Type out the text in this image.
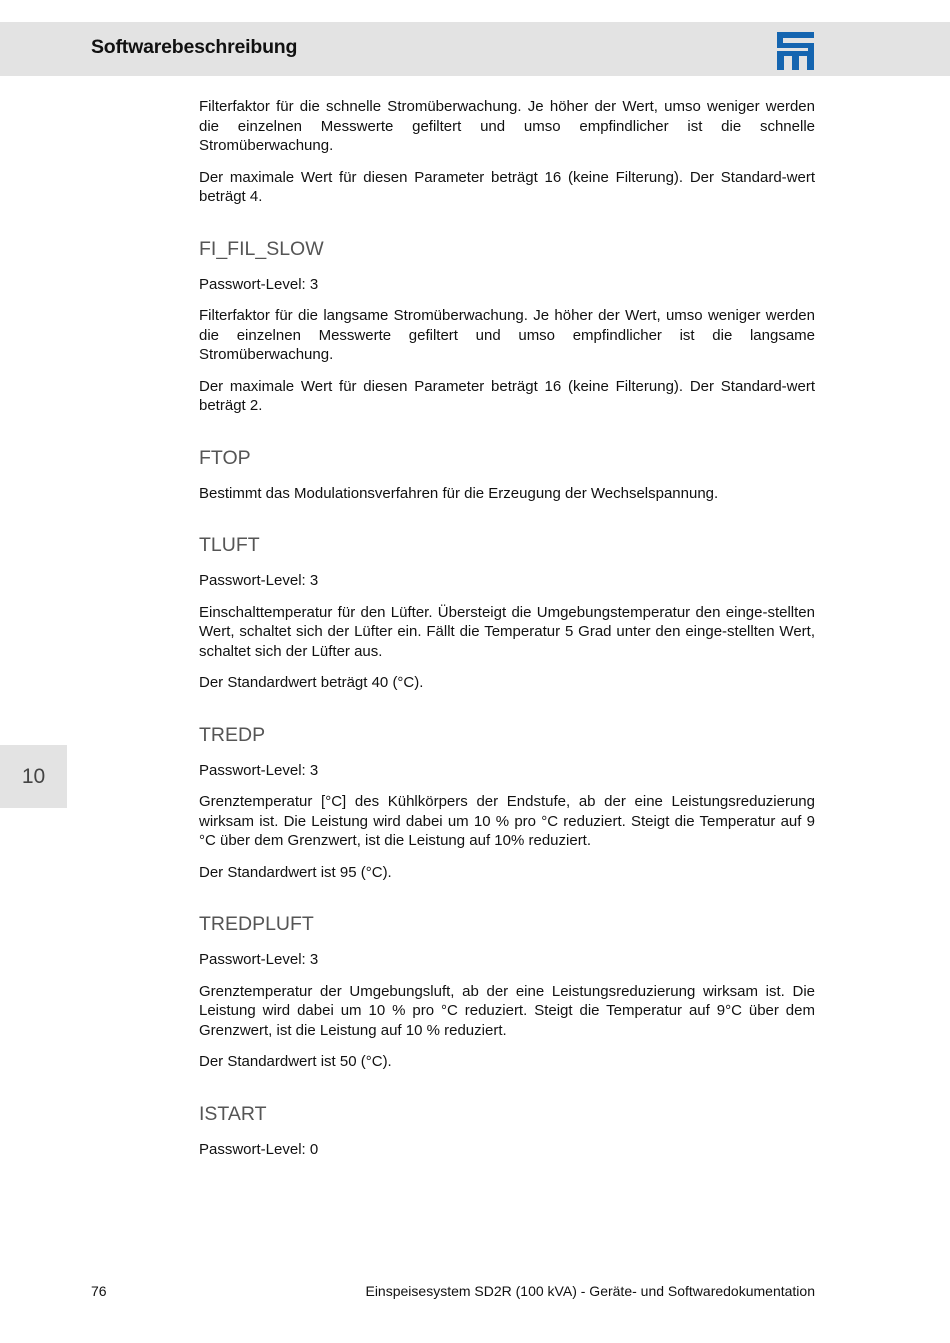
Softwarebeschreibung
10

Filterfaktor für die schnelle Stromüberwachung. Je höher der Wert, umso weniger werden die einzelnen Messwerte gefiltert und umso empfindlicher ist die schnelle Stromüberwachung.

Der maximale Wert für diesen Parameter beträgt 16 (keine Filterung). Der Standard-wert beträgt 4.

FI_FIL_SLOW

Passwort-Level: 3

Filterfaktor für die langsame Stromüberwachung. Je höher der Wert, umso weniger werden die einzelnen Messwerte gefiltert und umso empfindlicher ist die langsame Stromüberwachung.

Der maximale Wert für diesen Parameter beträgt 16 (keine Filterung). Der Standard-wert beträgt 2.

FTOP

Bestimmt das Modulationsverfahren für die Erzeugung der Wechselspannung.

TLUFT

Passwort-Level: 3

Einschalttemperatur für den Lüfter. Übersteigt die Umgebungstemperatur den einge-stellten Wert, schaltet sich der Lüfter ein. Fällt die Temperatur 5 Grad unter den einge-stellten Wert, schaltet sich der Lüfter aus.

Der Standardwert beträgt 40 (°C).

TREDP

Passwort-Level: 3

Grenztemperatur [°C] des Kühlkörpers der Endstufe, ab der eine Leistungsreduzierung wirksam ist. Die Leistung wird dabei um 10 % pro °C reduziert. Steigt die Temperatur auf 9 °C über dem Grenzwert, ist die Leistung auf 10% reduziert.

Der Standardwert ist 95 (°C).

TREDPLUFT

Passwort-Level: 3

Grenztemperatur der Umgebungsluft, ab der eine Leistungsreduzierung wirksam ist. Die Leistung wird dabei um 10 % pro °C reduziert. Steigt die Temperatur auf 9°C über dem Grenzwert, ist die Leistung auf 10 % reduziert.

Der Standardwert ist 50 (°C).

ISTART

Passwort-Level: 0

76	Einspeisesystem SD2R (100 kVA) - Geräte- und Softwaredokumentation
